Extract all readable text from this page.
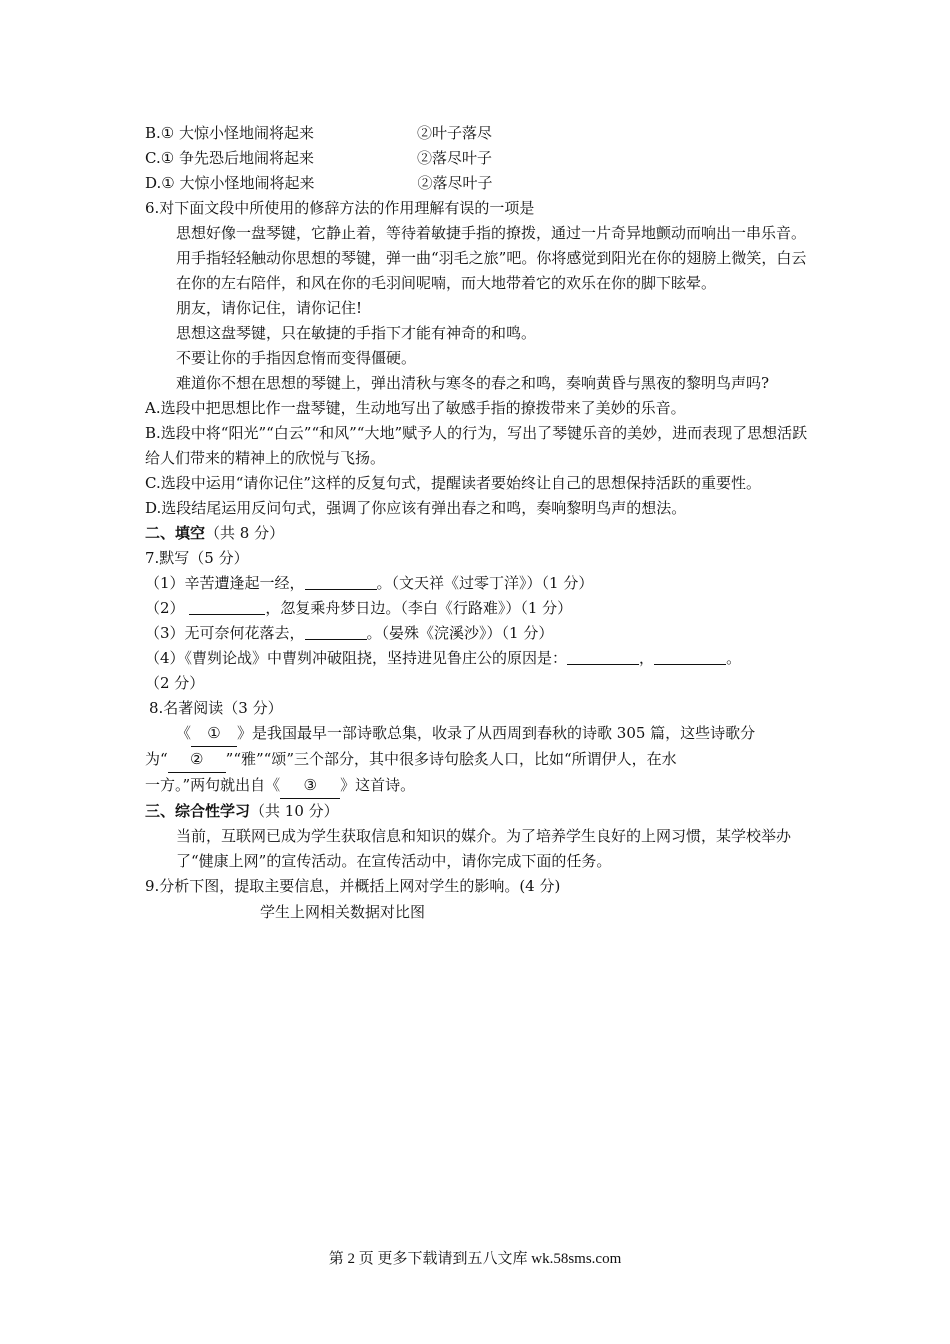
B.① 大惊小怪地闹将起来	②叶子落尽
C.① 争先恐后地闹将起来	②落尽叶子
D.① 大惊小怪地闹将起来	②落尽叶子
6.对下面文段中所使用的修辞方法的作用理解有误的一项是
思想好像一盘琴键，它静止着，等待着敏捷手指的撩拨，通过一片奇异地颤动而响出一串乐音。
用手指轻轻触动你思想的琴键，弹一曲“羽毛之旅”吧。你将感觉到阳光在你的翅膀上微笑，白云在你的左右陪伴，和风在你的毛羽间呢喃，而大地带着它的欢乐在你的脚下眩晕。
朋友，请你记住，请你记住!
思想这盘琴键，只在敏捷的手指下才能有神奇的和鸣。
不要让你的手指因怠惰而变得僵硬。
难道你不想在思想的琴键上，弹出清秋与寒冬的春之和鸣，奏响黄昏与黑夜的黎明鸟声吗?
A.选段中把思想比作一盘琴键，生动地写出了敏感手指的撩拨带来了美妙的乐音。
B.选段中将“阳光”“白云”“和风”“大地”赋予人的行为，写出了琴键乐音的美妙，进而表现了思想活跃给人们带来的精神上的欣悦与飞扬。
C.选段中运用“请你记住”这样的反复句式，提醒读者要始终让自己的思想保持活跃的重要性。
D.选段结尾运用反问句式，强调了你应该有弹出春之和鸣，奏响黎明鸟声的想法。
二、填空（共 8 分）
7.默写（5 分）
（1）辛苦遭逢起一经，	。（文天祥《过零丁洋》）（1 分）
（2）	，忽复乘舟梦日边。（李白《行路难》）（1 分）
（3）无可奈何花落去，	。（晏殊《浣溪沙》）（1 分）
（4）《曹刿论战》中曹刿冲破阻挠，坚持进见鲁庄公的原因是：	，	。
（2 分）
8.名著阅读（3 分）
《 ① 》是我国最早一部诗歌总集，收录了从西周到春秋的诗歌 305 篇，这些诗歌分
为“ ② ”“雅”“颂”三个部分，其中很多诗句脍炙人口，比如“所谓伊人，在水
一方。”两句就出自《 ③ 》这首诗。
三、综合性学习（共 10 分）
当前，互联网已成为学生获取信息和知识的媒介。为了培养学生良好的上网习惯，某学校举办了“健康上网”的宣传活动。在宣传活动中，请你完成下面的任务。
9.分析下图，提取主要信息，并概括上网对学生的影响。(4 分)
学生上网相关数据对比图
第 2 页 更多下载请到五八文库 wk.58sms.com
